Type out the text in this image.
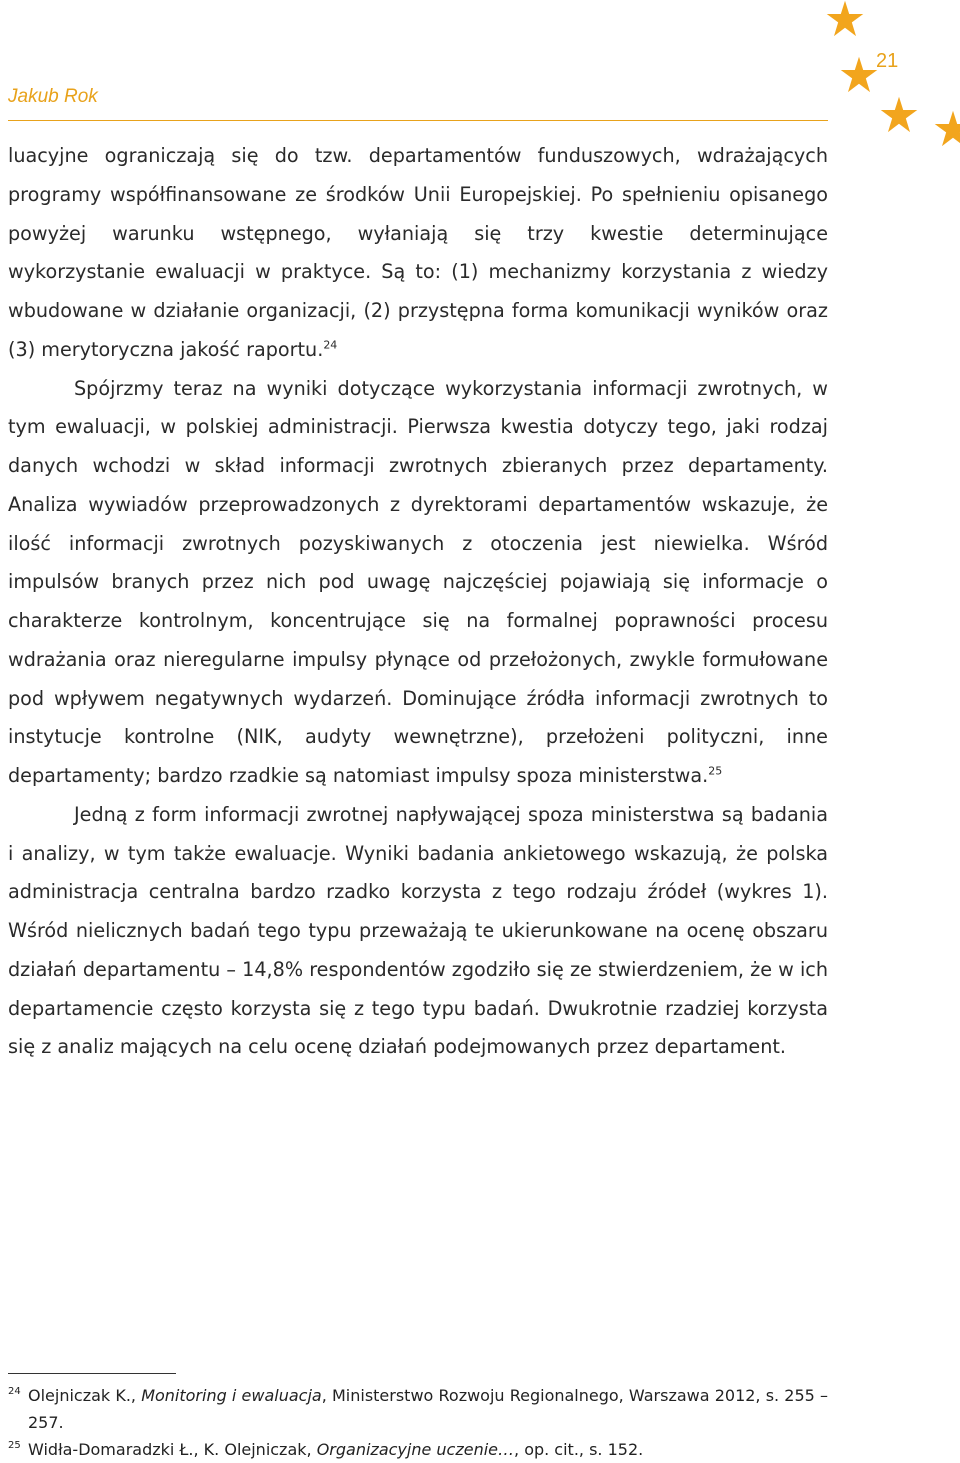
21
Jakub Rok

luacyjne ograniczają się do tzw. departamentów funduszowych, wdrażających programy współfinansowane ze środków Unii Europejskiej. Po spełnieniu opisanego powyżej warunku wstępnego, wyłaniają się trzy kwestie determinujące wykorzystanie ewaluacji w praktyce. Są to: (1) mechanizmy korzystania z wiedzy wbudowane w działanie organizacji, (2) przystępna forma komunikacji wyników oraz (3) merytoryczna jakość raportu.$^{24}$

Spójrzmy teraz na wyniki dotyczące wykorzystania informacji zwrotnych, w tym ewaluacji, w polskiej administracji. Pierwsza kwestia dotyczy tego, jaki rodzaj danych wchodzi w skład informacji zwrotnych zbieranych przez departamenty. Analiza wywiadów przeprowadzonych z dyrektorami departamentów wskazuje, że ilość informacji zwrotnych pozyskiwanych z otoczenia jest niewielka. Wśród impulsów branych przez nich pod uwagę najczęściej pojawiają się informacje o charakterze kontrolnym, koncentrujące się na formalnej poprawności procesu wdrażania oraz nieregularne impulsy płynące od przełożonych, zwykle formułowane pod wpływem negatywnych wydarzeń. Dominujące źródła informacji zwrotnych to instytucje kontrolne (NIK, audyty wewnętrzne), przełożeni polityczni, inne departamenty; bardzo rzadkie są natomiast impulsy spoza ministerstwa.$^{25}$

Jedną z form informacji zwrotnej napływającej spoza ministerstwa są badania i analizy, w tym także ewaluacje. Wyniki badania ankietowego wskazują, że polska administracja centralna bardzo rzadko korzysta z tego rodzaju źródeł (wykres 1). Wśród nielicznych badań tego typu przeważają te ukierunkowane na ocenę obszaru działań departamentu – 14,8% respondentów zgodziło się ze stwierdzeniem, że w ich departamencie często korzysta się z tego typu badań. Dwukrotnie rzadziej korzysta się z analiz mających na celu ocenę działań podejmowanych przez departament.

24 Olejniczak K., Monitoring i ewaluacja, Ministerstwo Rozwoju Regionalnego, Warszawa 2012, s. 255 – 257.
25 Widła-Domaradzki Ł., K. Olejniczak, Organizacyjne uczenie…, op. cit., s. 152.
